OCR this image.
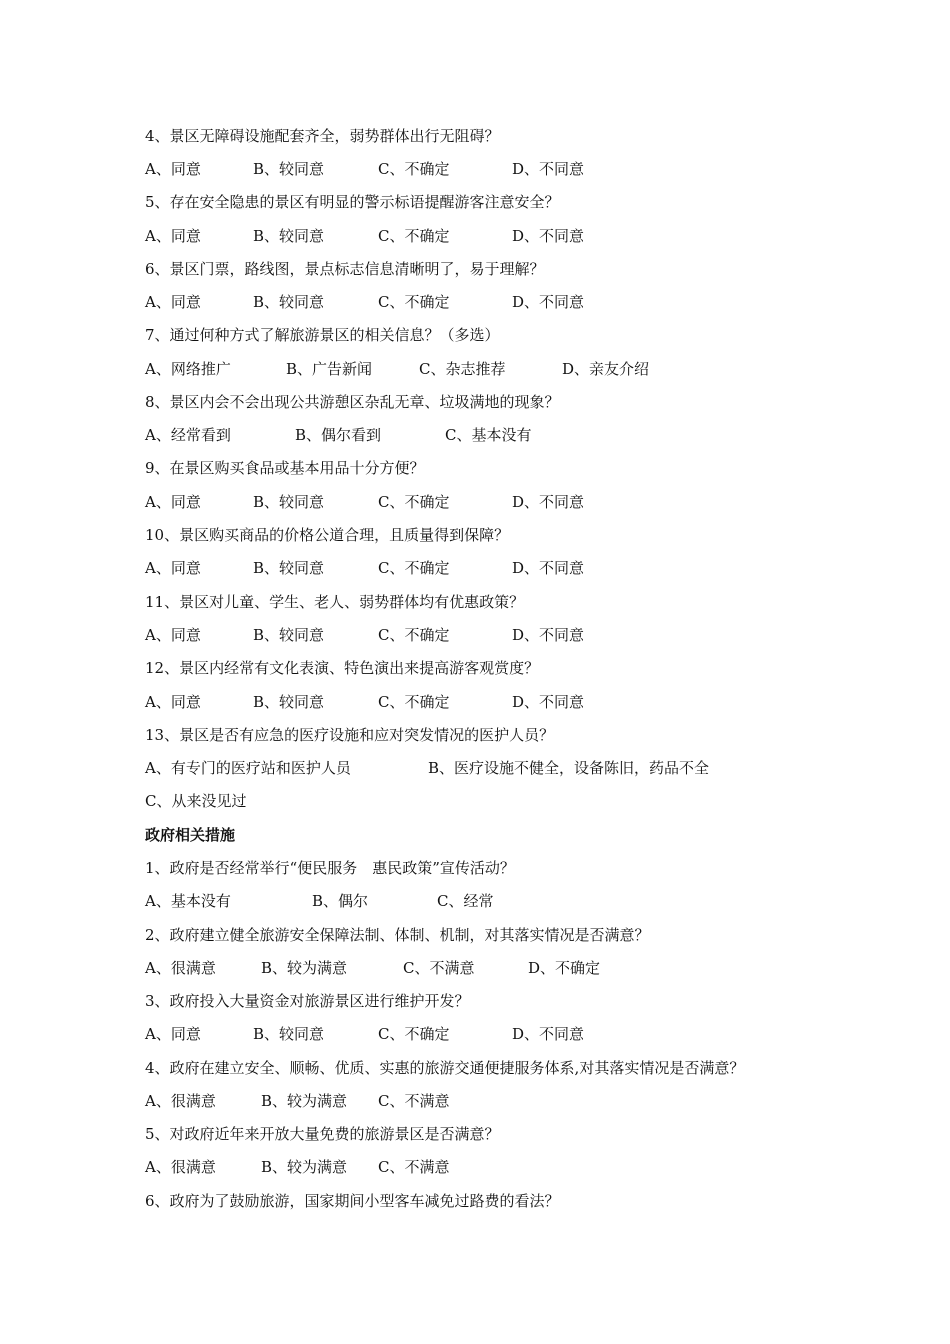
4、景区无障碍设施配套齐全，弱势群体出行无阻碍？
A、同意	B、较同意	C、不确定	D、不同意
5、存在安全隐患的景区有明显的警示标语提醒游客注意安全？
A、同意	B、较同意	C、不确定	D、不同意
6、景区门票，路线图，景点标志信息清晰明了，易于理解？
A、同意	B、较同意	C、不确定	D、不同意
7、通过何种方式了解旅游景区的相关信息？（多选）
A、网络推广	B、广告新闻	C、杂志推荐	D、亲友介绍
8、景区内会不会出现公共游憩区杂乱无章、垃圾满地的现象？
A、经常看到	B、偶尔看到	C、基本没有
9、在景区购买食品或基本用品十分方便？
A、同意	B、较同意	C、不确定	D、不同意
10、景区购买商品的价格公道合理，且质量得到保障？
A、同意	B、较同意	C、不确定	D、不同意
11、景区对儿童、学生、老人、弱势群体均有优惠政策？
A、同意	B、较同意	C、不确定	D、不同意
12、景区内经常有文化表演、特色演出来提高游客观赏度？
A、同意	B、较同意	C、不确定	D、不同意
13、景区是否有应急的医疗设施和应对突发情况的医护人员？
A、有专门的医疗站和医护人员	B、医疗设施不健全，设备陈旧，药品不全
C、从来没见过
政府相关措施
1、政府是否经常举行“便民服务　惠民政策”宣传活动？
A、基本没有	B、偶尔	C、经常
2、政府建立健全旅游安全保障法制、体制、机制，对其落实情况是否满意？
A、很满意	B、较为满意	C、不满意	D、不确定
3、政府投入大量资金对旅游景区进行维护开发？
A、同意	B、较同意	C、不确定	D、不同意
4、政府在建立安全、顺畅、优质、实惠的旅游交通便捷服务体系,对其落实情况是否满意？
A、很满意	B、较为满意 C、不满意
5、对政府近年来开放大量免费的旅游景区是否满意？
A、很满意	B、较为满意 C、不满意
6、政府为了鼓励旅游，国家期间小型客车减免过路费的看法？
